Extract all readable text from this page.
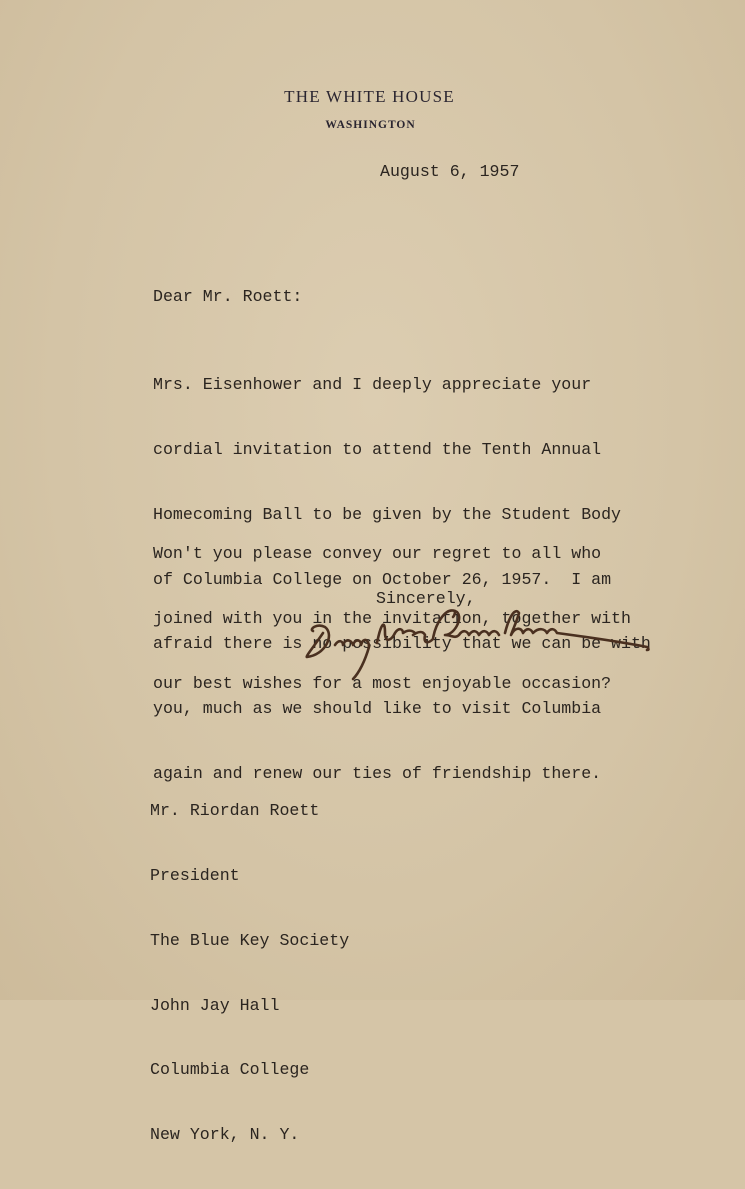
THE WHITE HOUSE
WASHINGTON
August 6, 1957
Dear Mr. Roett:

Mrs. Eisenhower and I deeply appreciate your

cordial invitation to attend the Tenth Annual

Homecoming Ball to be given by the Student Body

of Columbia College on October 26, 1957.  I am

afraid there is no possibility that we can be with

you, much as we should like to visit Columbia

again and renew our ties of friendship there.

Won't you please convey our regret to all who

joined with you in the invitation, together with

our best wishes for a most enjoyable occasion?

Sincerely,

Mr. Riordan Roett

President

The Blue Key Society

John Jay Hall

Columbia College

New York, N. Y.
